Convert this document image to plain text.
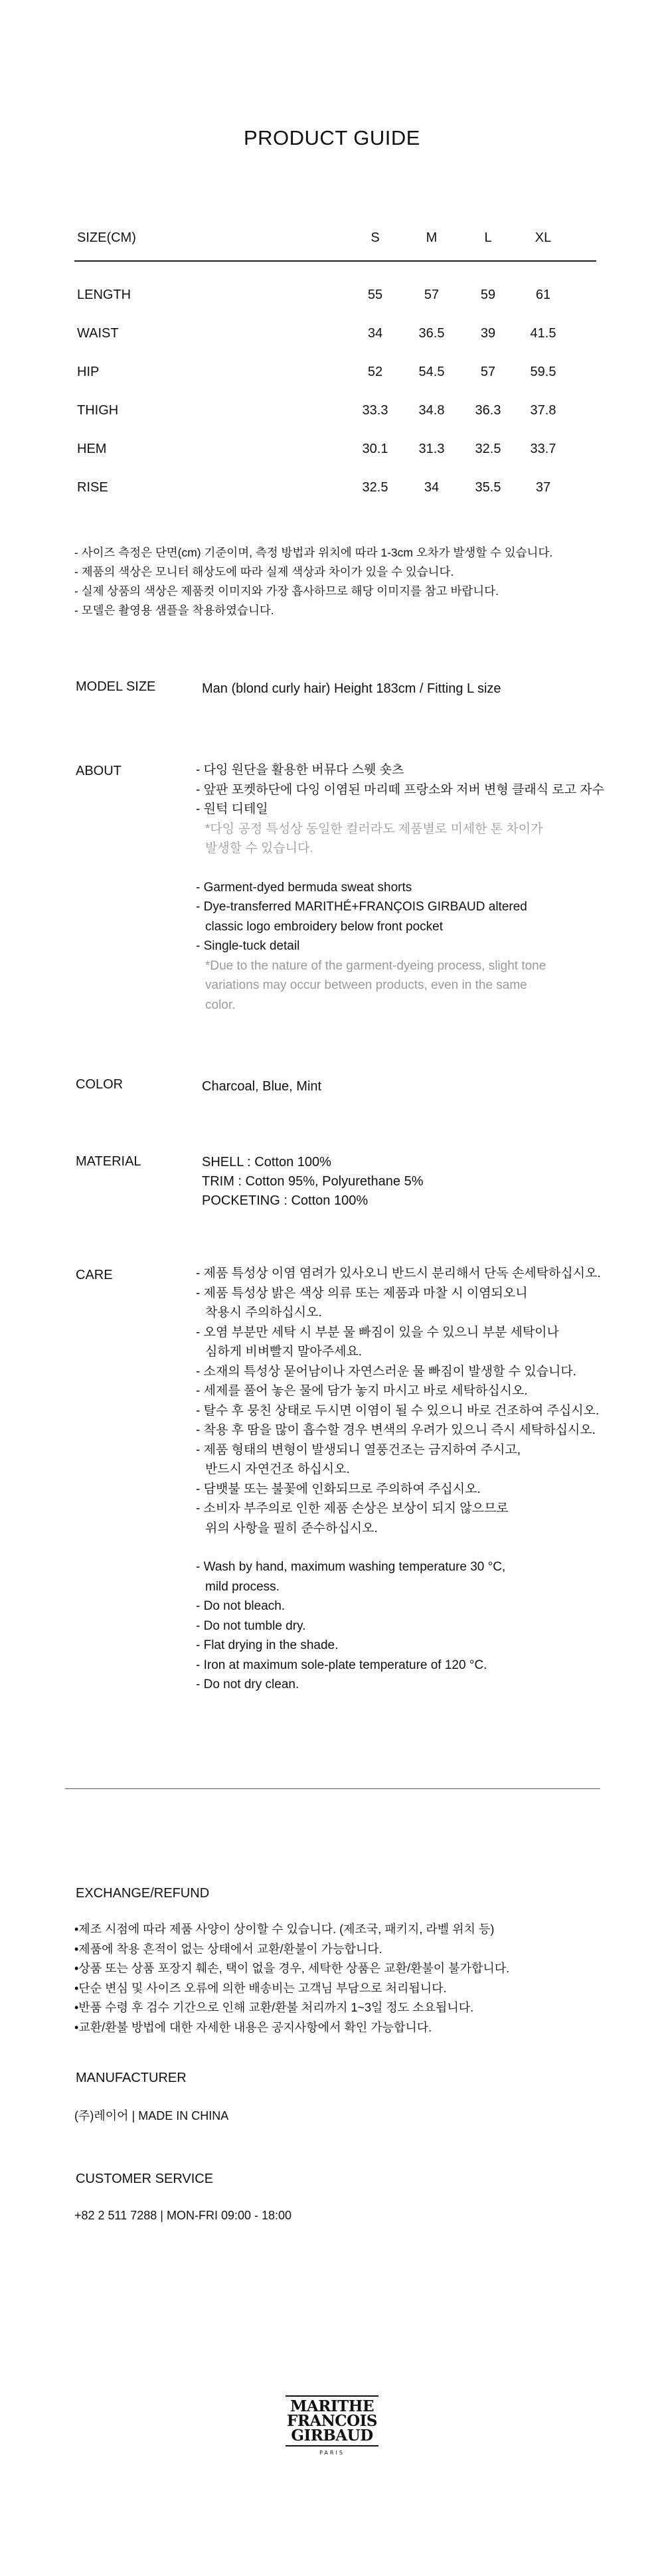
PRODUCT GUIDE
SIZE(CM)	S	M	L	XL
LENGTH	55	57	59	61
WAIST	34	36.5	39	41.5
HIP	52	54.5	57	59.5
THIGH	33.3	34.8	36.3	37.8
HEM	30.1	31.3	32.5	33.7
RISE	32.5	34	35.5	37
- 사이즈 측정은 단면(cm) 기준이며, 측정 방법과 위치에 따라 1-3cm 오차가 발생할 수 있습니다.
- 제품의 색상은 모니터 해상도에 따라 실제 색상과 차이가 있을 수 있습니다.
- 실제 상품의 색상은 제품컷 이미지와 가장 흡사하므로 해당 이미지를 참고 바랍니다.
- 모델은 촬영용 샘플을 착용하였습니다.
MODEL SIZE	Man (blond curly hair) Height 183cm / Fitting L size
ABOUT	- 다잉 원단을 활용한 버뮤다 스웻 숏츠
- 앞판 포켓하단에 다잉 이염된 마리떼 프랑소와 저버 변형 클래식 로고 자수
- 원턱 디테일
*다잉 공정 특성상 동일한 컬러라도 제품별로 미세한 톤 차이가
발생할 수 있습니다.
- Garment-dyed bermuda sweat shorts
- Dye-transferred MARITHÉ+FRANÇOIS GIRBAUD altered
classic logo embroidery below front pocket
- Single-tuck detail
*Due to the nature of the garment-dyeing process, slight tone
variations may occur between products, even in the same
color.
COLOR	Charcoal, Blue, Mint
MATERIAL	SHELL : Cotton 100%
TRIM : Cotton 95%, Polyurethane 5%
POCKETING : Cotton 100%
CARE	- 제품 특성상 이염 염려가 있사오니 반드시 분리해서 단독 손세탁하십시오.
- 제품 특성상 밝은 색상 의류 또는 제품과 마찰 시 이염되오니
착용시 주의하십시오.
- 오염 부분만 세탁 시 부분 물 빠짐이 있을 수 있으니 부분 세탁이나
심하게 비벼빨지 말아주세요.
- 소재의 특성상 묻어남이나 자연스러운 물 빠짐이 발생할 수 있습니다.
- 세제를 풀어 놓은 물에 담가 놓지 마시고 바로 세탁하십시오.
- 탈수 후 뭉친 상태로 두시면 이염이 될 수 있으니 바로 건조하여 주십시오.
- 착용 후 땀을 많이 흡수할 경우 변색의 우려가 있으니 즉시 세탁하십시오.
- 제품 형태의 변형이 발생되니 열풍건조는 금지하여 주시고,
반드시 자연건조 하십시오.
- 담뱃불 또는 불꽃에 인화되므로 주의하여 주십시오.
- 소비자 부주의로 인한 제품 손상은 보상이 되지 않으므로
위의 사항을 필히 준수하십시오.
- Wash by hand, maximum washing temperature 30 °C,
mild process.
- Do not bleach.
- Do not tumble dry.
- Flat drying in the shade.
- Iron at maximum sole-plate temperature of 120 °C.
- Do not dry clean.
EXCHANGE/REFUND
•제조 시점에 따라 제품 사양이 상이할 수 있습니다. (제조국, 패키지, 라벨 위치 등)
•제품에 착용 흔적이 없는 상태에서 교환/환불이 가능합니다.
•상품 또는 상품 포장지 훼손, 택이 없을 경우, 세탁한 상품은 교환/환불이 불가합니다.
•단순 변심 및 사이즈 오류에 의한 배송비는 고객님 부담으로 처리됩니다.
•반품 수령 후 검수 기간으로 인해 교환/환불 처리까지 1~3일 정도 소요됩니다.
•교환/환불 방법에 대한 자세한 내용은 공지사항에서 확인 가능합니다.
MANUFACTURER
(주)레이어 | MADE IN CHINA
CUSTOMER SERVICE
+82 2 511 7288 | MON-FRI 09:00 - 18:00
MARITHE
FRANCOIS
GIRBAUD
PARIS
